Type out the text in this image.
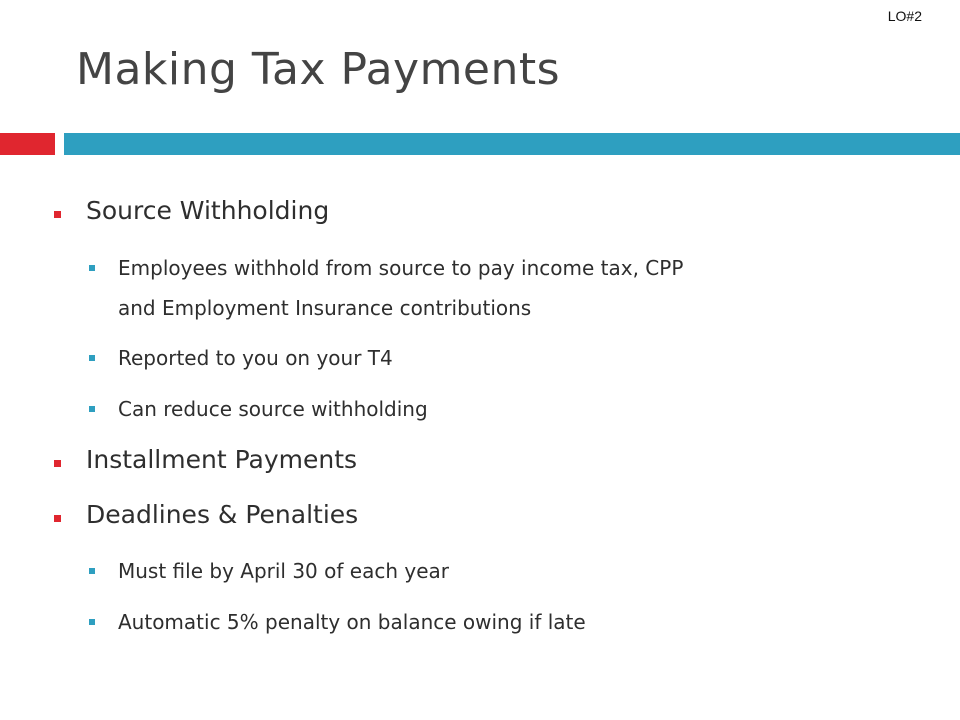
LO#2
Making Tax Payments
Source Withholding
Employees withhold from source to pay income tax, CPP
and Employment Insurance contributions
Reported to you on your T4
Can reduce source withholding
Installment Payments
Deadlines & Penalties
Must file by April 30 of each year
Automatic 5% penalty on balance owing if late
